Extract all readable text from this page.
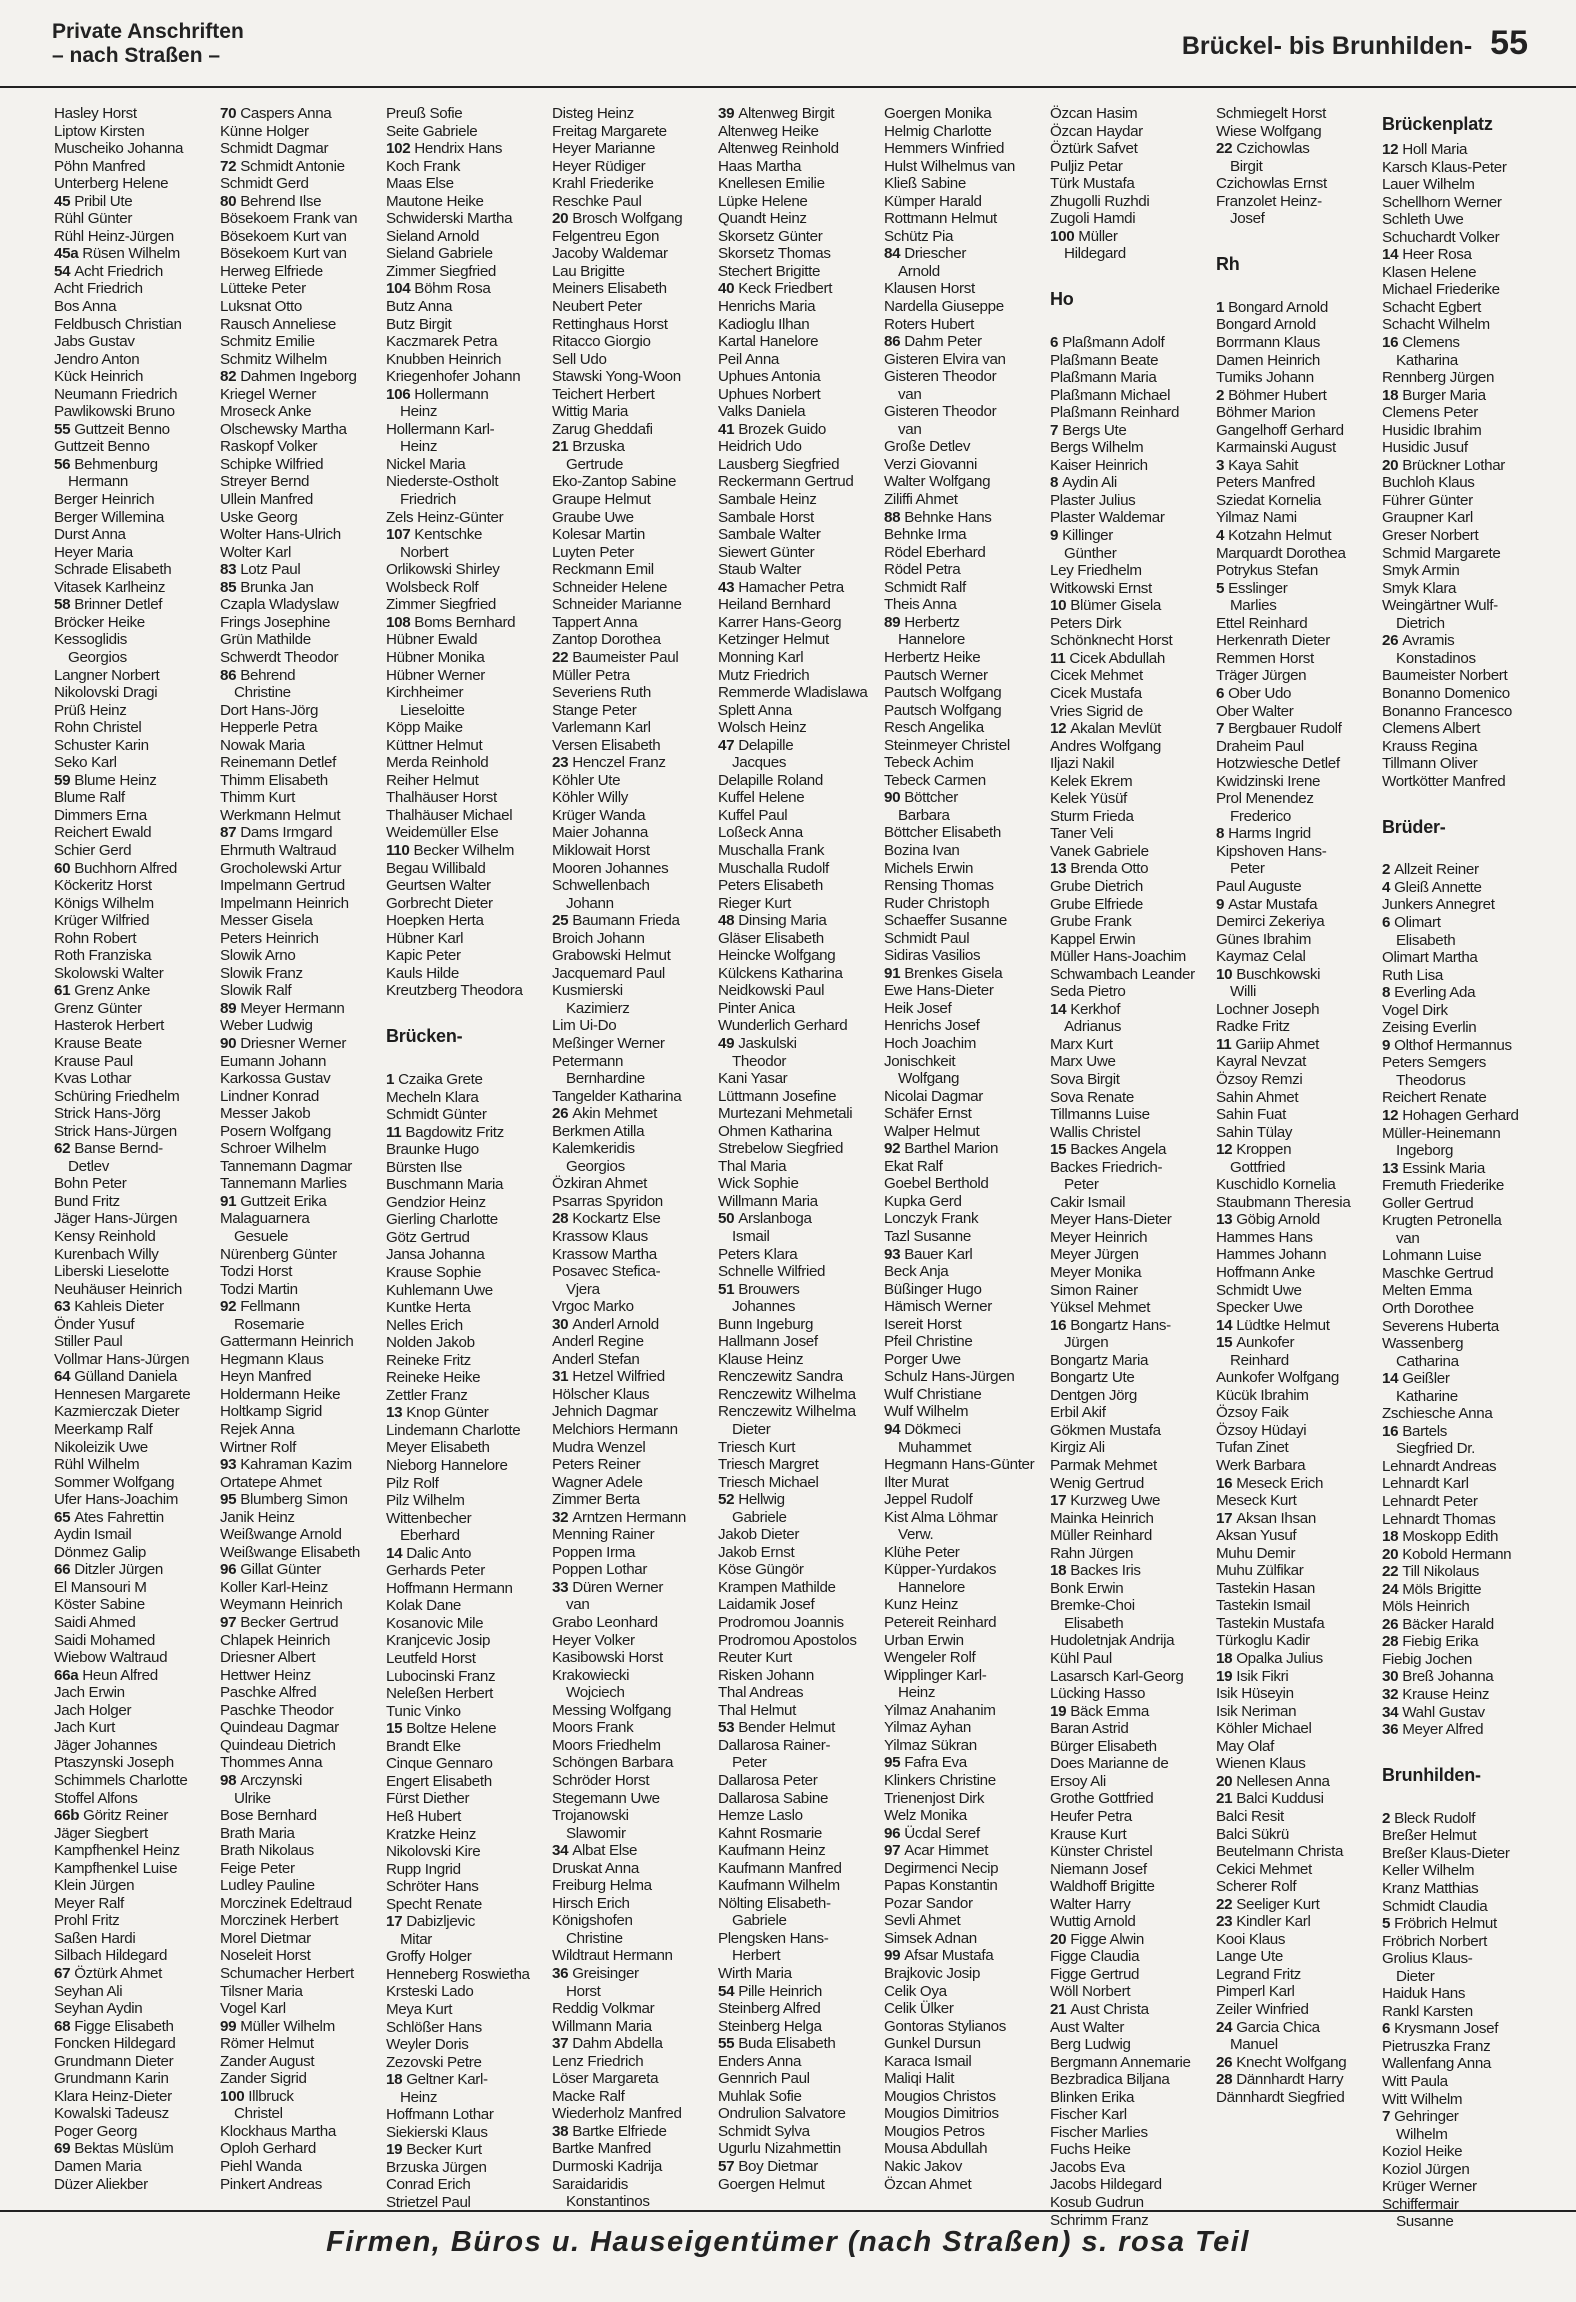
Private Anschriften
– nach Straßen –	Brückel- bis Brunhilden- 55
Hasley Horst
Liptow Kirsten
Muscheiko Johanna
Pöhn Manfred
Unterberg Helene
45 Pribil Ute
Rühl Günter
Rühl Heinz-Jürgen
45a Rüsen Wilhelm
54 Acht Friedrich
Acht Friedrich
Bos Anna
Feldbusch Christian
Jabs Gustav
Jendro Anton
Kück Heinrich
Neumann Friedrich
Pawlikowski Bruno
55 Guttzeit Benno
Guttzeit Benno
56 Behmenburg
Hermann
Berger Heinrich
Berger Willemina
Durst Anna
Heyer Maria
Schrade Elisabeth
Vitasek Karlheinz
58 Brinner Detlef
Bröcker Heike
Kessoglidis
Georgios
Langner Norbert
Nikolovski Dragi
Prüß Heinz
Rohn Christel
Schuster Karin
Seko Karl
59 Blume Heinz
Blume Ralf
Dimmers Erna
Reichert Ewald
Schier Gerd
60 Buchhorn Alfred
Köckeritz Horst
Königs Wilhelm
Krüger Wilfried
Rohn Robert
Roth Franziska
Skolowski Walter
61 Grenz Anke
Grenz Günter
Hasterok Herbert
Krause Beate
Krause Paul
Kvas Lothar
Schüring Friedhelm
Strick Hans-Jörg
Strick Hans-Jürgen
62 Banse Bernd-
Detlev
Bohn Peter
Bund Fritz
Jäger Hans-Jürgen
Kensy Reinhold
Kurenbach Willy
Liberski Lieselotte
Neuhäuser Heinrich
63 Kahleis Dieter
Önder Yusuf
Stiller Paul
Vollmar Hans-Jürgen
64 Gülland Daniela
Hennesen Margarete
Kazmierczak Dieter
Meerkamp Ralf
Nikoleizik Uwe
Rühl Wilhelm
Sommer Wolfgang
Ufer Hans-Joachim
65 Ates Fahrettin
Aydin Ismail
Dönmez Galip
66 Ditzler Jürgen
El Mansouri M
Köster Sabine
Saidi Ahmed
Saidi Mohamed
Wiebow Waltraud
66a Heun Alfred
Jach Erwin
Jach Holger
Jach Kurt
Jäger Johannes
Ptaszynski Joseph
Schimmels Charlotte
Stoffel Alfons
66b Göritz Reiner
Jäger Siegbert
Kampfhenkel Heinz
Kampfhenkel Luise
Klein Jürgen
Meyer Ralf
Prohl Fritz
Saßen Hardi
Silbach Hildegard
67 Öztürk Ahmet
Seyhan Ali
Seyhan Aydin
68 Figge Elisabeth
Foncken Hildegard
Grundmann Dieter
Grundmann Karin
Klara Heinz-Dieter
Kowalski Tadeusz
Poger Georg
69 Bektas Müslüm
Damen Maria
Düzer Aliekber
70 Caspers Anna
Künne Holger
Schmidt Dagmar
72 Schmidt Antonie
Schmidt Gerd
80 Behrend Ilse
Bösekoem Frank van
Bösekoem Kurt van
Bösekoem Kurt van
Herweg Elfriede
Lütteke Peter
Luksnat Otto
Rausch Anneliese
Schmitz Emilie
Schmitz Wilhelm
82 Dahmen Ingeborg
Kriegel Werner
Mroseck Anke
Olschewsky Martha
Raskopf Volker
Schipke Wilfried
Streyer Bernd
Ullein Manfred
Uske Georg
Wolter Hans-Ulrich
Wolter Karl
83 Lotz Paul
85 Brunka Jan
Czapla Wladyslaw
Frings Josephine
Grün Mathilde
Schwerdt Theodor
86 Behrend
Christine
Dort Hans-Jörg
Hepperle Petra
Nowak Maria
Reinemann Detlef
Thimm Elisabeth
Thimm Kurt
Werkmann Helmut
87 Dams Irmgard
Ehrmuth Waltraud
Grocholewski Artur
Impelmann Gertrud
Impelmann Heinrich
Messer Gisela
Peters Heinrich
Slowik Arno
Slowik Franz
Slowik Ralf
89 Meyer Hermann
Weber Ludwig
90 Driesner Werner
Eumann Johann
Karkossa Gustav
Lindner Konrad
Messer Jakob
Posern Wolfgang
Schroer Wilhelm
Tannemann Dagmar
Tannemann Marlies
91 Guttzeit Erika
Malaguarnera
Gesuele
Nürenberg Günter
Todzi Horst
Todzi Martin
92 Fellmann
Rosemarie
Gattermann Heinrich
Hegmann Klaus
Heyn Manfred
Holdermann Heike
Holtkamp Sigrid
Rejek Anna
Wirtner Rolf
93 Kahraman Kazim
Ortatepe Ahmet
95 Blumberg Simon
Janik Heinz
Weißwange Arnold
Weißwange Elisabeth
96 Gillat Günter
Koller Karl-Heinz
Weymann Heinrich
97 Becker Gertrud
Chlapek Heinrich
Driesner Albert
Hettwer Heinz
Paschke Alfred
Paschke Theodor
Quindeau Dagmar
Quindeau Dietrich
Thommes Anna
98 Arczynski
Ulrike
Bose Bernhard
Brath Maria
Brath Nikolaus
Feige Peter
Ludley Pauline
Morczinek Edeltraud
Morczinek Herbert
Morel Dietmar
Noseleit Horst
Schumacher Herbert
Tilsner Maria
Vogel Karl
99 Müller Wilhelm
Römer Helmut
Zander August
Zander Sigrid
100 Illbruck
Christel
Klockhaus Martha
Oploh Gerhard
Piehl Wanda
Pinkert Andreas
Preuß Sofie
Seite Gabriele
102 Hendrix Hans
Koch Frank
Maas Else
Mautone Heike
Schwiderski Martha
Sieland Arnold
Sieland Gabriele
Zimmer Siegfried
104 Böhm Rosa
Butz Anna
Butz Birgit
Kaczmarek Petra
Knubben Heinrich
Kriegenhofer Johann
106 Hollermann
Heinz
Hollermann Karl-
Heinz
Nickel Maria
Niederste-Ostholt
Friedrich
Zels Heinz-Günter
107 Kentschke
Norbert
Orlikowski Shirley
Wolsbeck Rolf
Zimmer Siegfried
108 Boms Bernhard
Hübner Ewald
Hübner Monika
Hübner Werner
Kirchheimer
Lieseloitte
Köpp Maike
Küttner Helmut
Merda Reinhold
Reiher Helmut
Thalhäuser Horst
Thalhäuser Michael
Weidemüller Else
110 Becker Wilhelm
Begau Willibald
Geurtsen Walter
Gorbrecht Dieter
Hoepken Herta
Hübner Karl
Kapic Peter
Kauls Hilde
Kreutzberg Theodora
Brücken-
1 Czaika Grete
Mecheln Klara
Schmidt Günter
11 Bagdowitz Fritz
Braunke Hugo
Bürsten Ilse
Buschmann Maria
Gendzior Heinz
Gierling Charlotte
Götz Gertrud
Jansa Johanna
Krause Sophie
Kuhlemann Uwe
Kuntke Herta
Nelles Erich
Nolden Jakob
Reineke Fritz
Reineke Heike
Zettler Franz
13 Knop Günter
Lindemann Charlotte
Meyer Elisabeth
Nieborg Hannelore
Pilz Rolf
Pilz Wilhelm
Wittenbecher
Eberhard
14 Dalic Anto
Gerhards Peter
Hoffmann Hermann
Kolak Dane
Kosanovic Mile
Kranjcevic Josip
Leutfeld Horst
Lubocinski Franz
Neleßen Herbert
Tunic Vinko
15 Boltze Helene
Brandt Elke
Cinque Gennaro
Engert Elisabeth
Fürst Diether
Heß Hubert
Kratzke Heinz
Nikolovski Kire
Rupp Ingrid
Schröter Hans
Specht Renate
17 Dabizljevic
Mitar
Groffy Holger
Henneberg Roswietha
Krsteski Lado
Meya Kurt
Schlößer Hans
Weyler Doris
Zezovski Petre
18 Geltner Karl-
Heinz
Hoffmann Lothar
Siekierski Klaus
19 Becker Kurt
Brzuska Jürgen
Conrad Erich
Strietzel Paul
Disteg Heinz
Freitag Margarete
Heyer Marianne
Heyer Rüdiger
Krahl Friederike
Reschke Paul
20 Brosch Wolfgang
Felgentreu Egon
Jacoby Waldemar
Lau Brigitte
Meiners Elisabeth
Neubert Peter
Rettinghaus Horst
Ritacco Giorgio
Sell Udo
Stawski Yong-Woon
Teichert Herbert
Wittig Maria
Zarug Gheddafi
21 Brzuska
Gertrude
Eko-Zantop Sabine
Graupe Helmut
Graube Uwe
Kolesar Martin
Luyten Peter
Reckmann Emil
Schneider Helene
Schneider Marianne
Tappert Anna
Zantop Dorothea
22 Baumeister Paul
Müller Petra
Severiens Ruth
Stange Peter
Varlemann Karl
Versen Elisabeth
23 Henczel Franz
Köhler Ute
Köhler Willy
Krüger Wanda
Maier Johanna
Miklowait Horst
Mooren Johannes
Schwellenbach
Johann
25 Baumann Frieda
Broich Johann
Grabowski Helmut
Jacquemard Paul
Kusmierski
Kazimierz
Lim Ui-Do
Meßinger Werner
Petermann
Bernhardine
Tangelder Katharina
26 Akin Mehmet
Berkmen Atilla
Kalemkeridis
Georgios
Özkiran Ahmet
Psarras Spyridon
28 Kockartz Else
Krassow Klaus
Krassow Martha
Posavec Stefica-
Vjera
Vrgoc Marko
30 Anderl Arnold
Anderl Regine
Anderl Stefan
31 Hetzel Wilfried
Hölscher Klaus
Jehnich Dagmar
Melchiors Hermann
Mudra Wenzel
Peters Reiner
Wagner Adele
Zimmer Berta
32 Arntzen Hermann
Menning Rainer
Poppen Irma
Poppen Lothar
33 Düren Werner
van
Grabo Leonhard
Heyer Volker
Kasibowski Horst
Krakowiecki
Wojciech
Messing Wolfgang
Moors Frank
Moors Friedhelm
Schöngen Barbara
Schröder Horst
Stegemann Uwe
Trojanowski
Slawomir
34 Albat Else
Druskat Anna
Freiburg Helma
Hirsch Erich
Königshofen
Christine
Wildtraut Hermann
36 Greisinger
Horst
Reddig Volkmar
Willmann Maria
37 Dahm Abdella
Lenz Friedrich
Löser Margareta
Macke Ralf
Wiederholz Manfred
38 Bartke Elfriede
Bartke Manfred
Durmoski Kadrija
Saraidaridis
Konstantinos
39 Altenweg Birgit
Altenweg Heike
Altenweg Reinhold
Haas Martha
Knellesen Emilie
Lüpke Helene
Quandt Heinz
Skorsetz Günter
Skorsetz Thomas
Stechert Brigitte
40 Keck Friedbert
Henrichs Maria
Kadioglu Ilhan
Kartal Hanelore
Peil Anna
Uphues Antonia
Uphues Norbert
Valks Daniela
41 Brozek Guido
Heidrich Udo
Lausberg Siegfried
Reckermann Gertrud
Sambale Heinz
Sambale Horst
Sambale Walter
Siewert Günter
Staub Walter
43 Hamacher Petra
Heiland Bernhard
Karrer Hans-Georg
Ketzinger Helmut
Monning Karl
Mutz Friedrich
Remmerde Wladislawa
Splett Anna
Wolsch Heinz
47 Delapille
Jacques
Delapille Roland
Kuffel Helene
Kuffel Paul
Loßeck Anna
Muschalla Frank
Muschalla Rudolf
Peters Elisabeth
Rieger Kurt
48 Dinsing Maria
Gläser Elisabeth
Heincke Wolfgang
Külckens Katharina
Neidkowski Paul
Pinter Anica
Wunderlich Gerhard
49 Jaskulski
Theodor
Kani Yasar
Lüttmann Josefine
Murtezani Mehmetali
Ohmen Katharina
Strebelow Siegfried
Thal Maria
Wick Sophie
Willmann Maria
50 Arslanboga
Ismail
Peters Klara
Schnelle Wilfried
51 Brouwers
Johannes
Bunn Ingeburg
Hallmann Josef
Klause Heinz
Renczewitz Sandra
Renczewitz Wilhelma
Renczewitz Wilhelma
Dieter
Triesch Kurt
Triesch Margret
Triesch Michael
52 Hellwig
Gabriele
Jakob Dieter
Jakob Ernst
Köse Güngör
Krampen Mathilde
Laidamik Josef
Prodromou Joannis
Prodromou Apostolos
Reuter Kurt
Risken Johann
Thal Andreas
Thal Helmut
53 Bender Helmut
Dallarosa Rainer-
Peter
Dallarosa Peter
Dallarosa Sabine
Hemze Laslo
Kahnt Rosmarie
Kaufmann Heinz
Kaufmann Manfred
Kaufmann Wilhelm
Nölting Elisabeth-
Gabriele
Plengsken Hans-
Herbert
Wirth Maria
54 Pille Heinrich
Steinberg Alfred
Steinberg Helga
55 Buda Elisabeth
Enders Anna
Gennrich Paul
Muhlak Sofie
Ondrulion Salvatore
Schmidt Sylva
Ugurlu Nizahmettin
57 Boy Dietmar
Goergen Helmut
Goergen Monika
Helmig Charlotte
Hemmers Winfried
Hulst Wilhelmus van
Kließ Sabine
Kümper Harald
Rottmann Helmut
Schütz Pia
84 Driescher
Arnold
Klausen Horst
Nardella Giuseppe
Roters Hubert
86 Dahm Peter
Gisteren Elvira van
Gisteren Theodor
van
Gisteren Theodor
van
Große Detlev
Verzi Giovanni
Walter Wolfgang
Ziliffi Ahmet
88 Behnke Hans
Behnke Irma
Rödel Eberhard
Rödel Petra
Schmidt Ralf
Theis Anna
89 Herbertz
Hannelore
Herbertz Heike
Pautsch Werner
Pautsch Wolfgang
Pautsch Wolfgang
Resch Angelika
Steinmeyer Christel
Tebeck Achim
Tebeck Carmen
90 Böttcher
Barbara
Böttcher Elisabeth
Bozina Ivan
Michels Erwin
Rensing Thomas
Ruder Christoph
Schaeffer Susanne
Schmidt Paul
Sidiras Vasilios
91 Brenkes Gisela
Ewe Hans-Dieter
Heik Josef
Henrichs Josef
Hoch Joachim
Jonischkeit
Wolfgang
Nicolai Dagmar
Schäfer Ernst
Walper Helmut
92 Barthel Marion
Ekat Ralf
Goebel Berthold
Kupka Gerd
Lonczyk Frank
Tazl Susanne
93 Bauer Karl
Beck Anja
Büßinger Hugo
Hämisch Werner
Isereit Horst
Pfeil Christine
Porger Uwe
Schulz Hans-Jürgen
Wulf Christiane
Wulf Wilhelm
94 Dökmeci
Muhammet
Hegmann Hans-Günter
Ilter Murat
Jeppel Rudolf
Kist Alma Löhmar
Verw.
Klühe Peter
Küpper-Yurdakos
Hannelore
Kunz Heinz
Petereit Reinhard
Urban Erwin
Wengeler Rolf
Wipplinger Karl-
Heinz
Yilmaz Anahanim
Yilmaz Ayhan
Yilmaz Sükran
95 Fafra Eva
Klinkers Christine
Trienenjost Dirk
Welz Monika
96 Ücdal Seref
97 Acar Himmet
Degirmenci Necip
Papas Konstantin
Pozar Sandor
Sevli Ahmet
Simsek Adnan
99 Afsar Mustafa
Brajkovic Josip
Celik Oya
Celik Ülker
Gontoras Stylianos
Gunkel Dursun
Karaca Ismail
Maliqi Halit
Mougios Christos
Mougios Dimitrios
Mougios Petros
Mousa Abdullah
Nakic Jakov
Özcan Ahmet
Özcan Hasim
Özcan Haydar
Öztürk Safvet
Puljiz Petar
Türk Mustafa
Zhugolli Ruzhdi
Zugoli Hamdi
100 Müller
Hildegard
Ho
6 Plaßmann Adolf
Plaßmann Beate
Plaßmann Maria
Plaßmann Michael
Plaßmann Reinhard
7 Bergs Ute
Bergs Wilhelm
Kaiser Heinrich
8 Aydin Ali
Plaster Julius
Plaster Waldemar
9 Killinger
Günther
Ley Friedhelm
Witkowski Ernst
10 Blümer Gisela
Peters Dirk
Schönknecht Horst
11 Cicek Abdullah
Cicek Mehmet
Cicek Mustafa
Vries Sigrid de
12 Akalan Mevlüt
Andres Wolfgang
Iljazi Nakil
Kelek Ekrem
Kelek Yüsüf
Sturm Frieda
Taner Veli
Vanek Gabriele
13 Brenda Otto
Grube Dietrich
Grube Elfriede
Grube Frank
Kappel Erwin
Müller Hans-Joachim
Schwambach Leander
Seda Pietro
14 Kerkhof
Adrianus
Marx Kurt
Marx Uwe
Sova Birgit
Sova Renate
Tillmanns Luise
Wallis Christel
15 Backes Angela
Backes Friedrich-
Peter
Cakir Ismail
Meyer Hans-Dieter
Meyer Heinrich
Meyer Jürgen
Meyer Monika
Simon Rainer
Yüksel Mehmet
16 Bongartz Hans-
Jürgen
Bongartz Maria
Bongartz Ute
Dentgen Jörg
Erbil Akif
Gökmen Mustafa
Kirgiz Ali
Parmak Mehmet
Wenig Gertrud
17 Kurzweg Uwe
Mainka Heinrich
Müller Reinhard
Rahn Jürgen
18 Backes Iris
Bonk Erwin
Bremke-Choi
Elisabeth
Hudoletnjak Andrija
Kühl Paul
Lasarsch Karl-Georg
Lücking Hasso
19 Bäck Emma
Baran Astrid
Bürger Elisabeth
Does Marianne de
Ersoy Ali
Grothe Gottfried
Heufer Petra
Krause Kurt
Künster Christel
Niemann Josef
Waldhoff Brigitte
Walter Harry
Wuttig Arnold
20 Figge Alwin
Figge Claudia
Figge Gertrud
Wöll Norbert
21 Aust Christa
Aust Walter
Berg Ludwig
Bergmann Annemarie
Bezbradica Biljana
Blinken Erika
Fischer Karl
Fischer Marlies
Fuchs Heike
Jacobs Eva
Jacobs Hildegard
Kosub Gudrun
Schrimm Franz
Schmiegelt Horst
Wiese Wolfgang
22 Czichowlas
Birgit
Czichowlas Ernst
Franzolet Heinz-
Josef
Rh
1 Bongard Arnold
Bongard Arnold
Borrmann Klaus
Damen Heinrich
Tumiks Johann
2 Böhmer Hubert
Böhmer Marion
Gangelhoff Gerhard
Karmainski August
3 Kaya Sahit
Peters Manfred
Sziedat Kornelia
Yilmaz Nami
4 Kotzahn Helmut
Marquardt Dorothea
Potrykus Stefan
5 Esslinger
Marlies
Ettel Reinhard
Herkenrath Dieter
Remmen Horst
Träger Jürgen
6 Ober Udo
Ober Walter
7 Bergbauer Rudolf
Draheim Paul
Hotzwiesche Detlef
Kwidzinski Irene
Prol Menendez
Frederico
8 Harms Ingrid
Kipshoven Hans-
Peter
Paul Auguste
9 Astar Mustafa
Demirci Zekeriya
Günes Ibrahim
Kaymaz Celal
10 Buschkowski
Willi
Lochner Joseph
Radke Fritz
11 Gariip Ahmet
Kayral Nevzat
Özsoy Remzi
Sahin Ahmet
Sahin Fuat
Sahin Tülay
12 Kroppen
Gottfried
Kuschidlo Kornelia
Staubmann Theresia
13 Göbig Arnold
Hammes Hans
Hammes Johann
Hoffmann Anke
Schmidt Uwe
Specker Uwe
14 Lüdtke Helmut
15 Aunkofer
Reinhard
Aunkofer Wolfgang
Kücük Ibrahim
Özsoy Faik
Özsoy Hüdayi
Tufan Zinet
Werk Barbara
16 Meseck Erich
Meseck Kurt
17 Aksan Ihsan
Aksan Yusuf
Muhu Demir
Muhu Zülfikar
Tastekin Hasan
Tastekin Ismail
Tastekin Mustafa
Türkoglu Kadir
18 Opalka Julius
19 Isik Fikri
Isik Hüseyin
Isik Neriman
Köhler Michael
May Olaf
Wienen Klaus
20 Nellesen Anna
21 Balci Kuddusi
Balci Resit
Balci Sükrü
Beutelmann Christa
Cekici Mehmet
Scherer Rolf
22 Seeliger Kurt
23 Kindler Karl
Kooi Klaus
Lange Ute
Legrand Fritz
Pimperl Karl
Zeiler Winfried
24 Garcia Chica
Manuel
26 Knecht Wolfgang
28 Dännhardt Harry
Dännhardt Siegfried
Brückenplatz
12 Holl Maria
Karsch Klaus-Peter
Lauer Wilhelm
Schellhorn Werner
Schleth Uwe
Schuchardt Volker
14 Heer Rosa
Klasen Helene
Michael Friederike
Schacht Egbert
Schacht Wilhelm
16 Clemens
Katharina
Rennberg Jürgen
18 Burger Maria
Clemens Peter
Husidic Ibrahim
Husidic Jusuf
20 Brückner Lothar
Buchloh Klaus
Führer Günter
Graupner Karl
Greser Norbert
Schmid Margarete
Smyk Armin
Smyk Klara
Weingärtner Wulf-
Dietrich
26 Avramis
Konstadinos
Baumeister Norbert
Bonanno Domenico
Bonanno Francesco
Clemens Albert
Krauss Regina
Tillmann Oliver
Wortkötter Manfred
Brüder-
2 Allzeit Reiner
4 Gleiß Annette
Junkers Annegret
6 Olimart
Elisabeth
Olimart Martha
Ruth Lisa
8 Everling Ada
Vogel Dirk
Zeising Everlin
9 Olthof Hermannus
Peters Semgers
Theodorus
Reichert Renate
12 Hohagen Gerhard
Müller-Heinemann
Ingeborg
13 Essink Maria
Fremuth Friederike
Goller Gertrud
Krugten Petronella
van
Lohmann Luise
Maschke Gertrud
Melten Emma
Orth Dorothee
Severens Huberta
Wassenberg
Catharina
14 Geißler
Katharine
Zschiesche Anna
16 Bartels
Siegfried Dr.
Lehnardt Andreas
Lehnardt Karl
Lehnardt Peter
Lehnardt Thomas
18 Moskopp Edith
20 Kobold Hermann
22 Till Nikolaus
24 Möls Brigitte
Möls Heinrich
26 Bäcker Harald
28 Fiebig Erika
Fiebig Jochen
30 Breß Johanna
32 Krause Heinz
34 Wahl Gustav
36 Meyer Alfred
Brunhilden-
2 Bleck Rudolf
Breßer Helmut
Breßer Klaus-Dieter
Keller Wilhelm
Kranz Matthias
Schmidt Claudia
5 Fröbrich Helmut
Fröbrich Norbert
Grolius Klaus-
Dieter
Haiduk Hans
Rankl Karsten
6 Krysmann Josef
Pietruszka Franz
Wallenfang Anna
Witt Paula
Witt Wilhelm
7 Gehringer
Wilhelm
Koziol Heike
Koziol Jürgen
Krüger Werner
Schiffermair
Susanne
Firmen, Büros u. Hauseigentümer (nach Straßen) s. rosa Teil
